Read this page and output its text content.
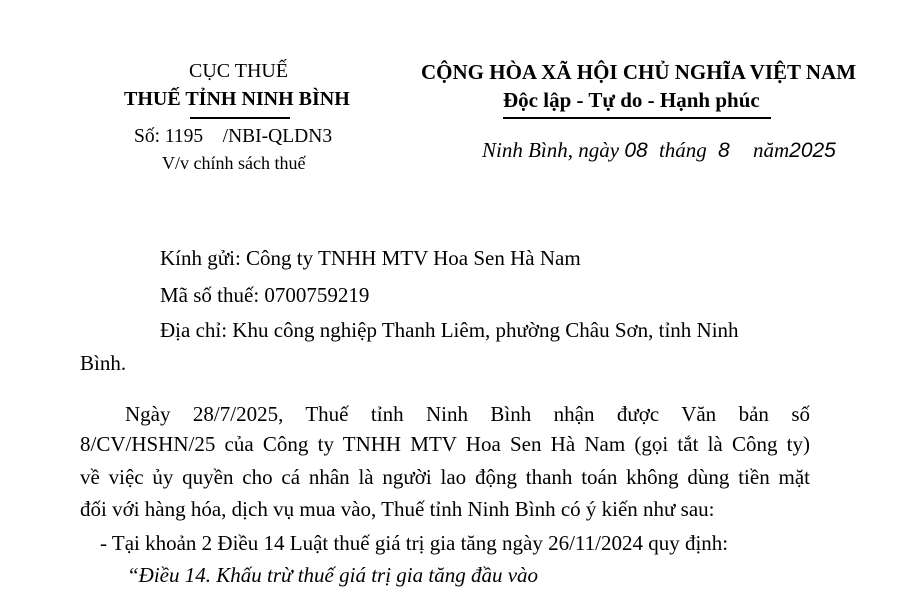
CỤC THUẾ
THUẾ TỈNH NINH BÌNH
Số: 1195    /NBI-QLDN3
V/v chính sách thuế
CỘNG HÒA XÃ HỘI CHỦ NGHĨA VIỆT NAM
Độc lập - Tự do - Hạnh phúc
Ninh Bình, ngày 08 tháng 8 năm2025
Kính gửi: Công ty TNHH MTV Hoa Sen Hà Nam
Mã số thuế: 0700759219
Địa chỉ: Khu công nghiệp Thanh Liêm, phường Châu Sơn, tỉnh Ninh
Bình.
Ngày 28/7/2025, Thuế tỉnh Ninh Bình nhận được Văn bản số
8/CV/HSHN/25 của Công ty TNHH MTV Hoa Sen Hà Nam (gọi tắt là Công ty)
về việc ủy quyền cho cá nhân là người lao động thanh toán không dùng tiền mặt
đối với hàng hóa, dịch vụ mua vào, Thuế tỉnh Ninh Bình có ý kiến như sau:
- Tại khoản 2 Điều 14 Luật thuế giá trị gia tăng ngày 26/11/2024 quy định:
“Điều 14. Khấu trừ thuế giá trị gia tăng đầu vào
